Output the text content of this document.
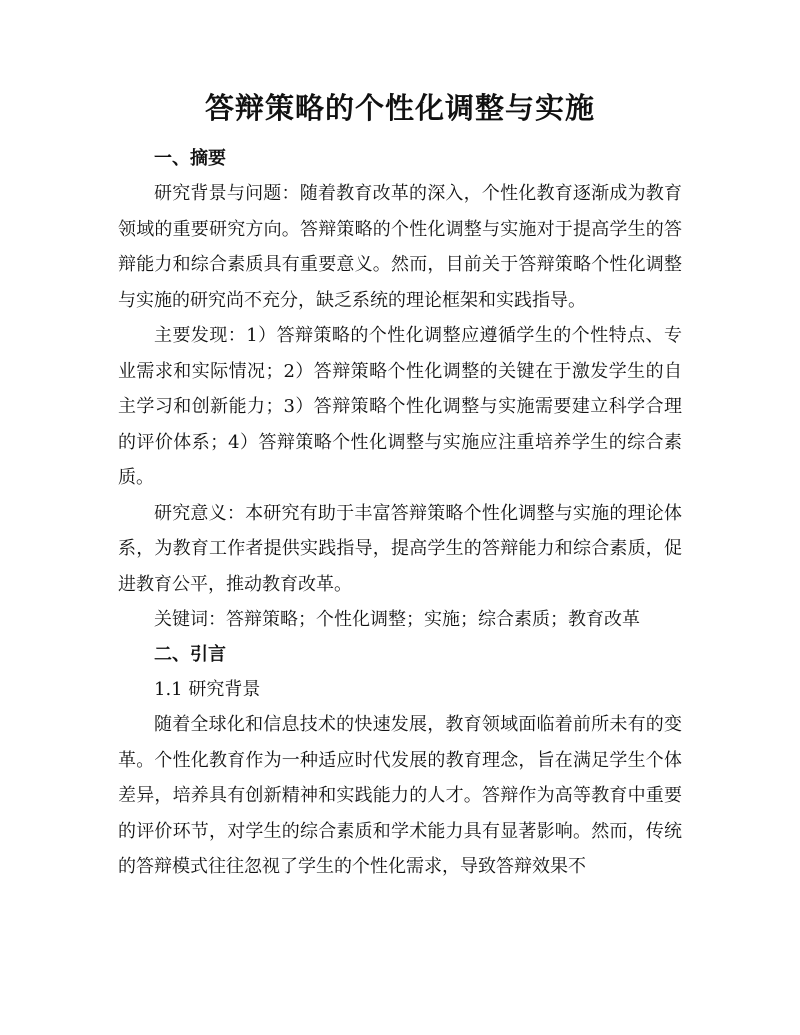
答辩策略的个性化调整与实施
一、摘要

研究背景与问题：随着教育改革的深入，个性化教育逐渐成为教育领域的重要研究方向。答辩策略的个性化调整与实施对于提高学生的答辩能力和综合素质具有重要意义。然而，目前关于答辩策略个性化调整与实施的研究尚不充分，缺乏系统的理论框架和实践指导。

主要发现：1）答辩策略的个性化调整应遵循学生的个性特点、专业需求和实际情况；2）答辩策略个性化调整的关键在于激发学生的自主学习和创新能力；3）答辩策略个性化调整与实施需要建立科学合理的评价体系；4）答辩策略个性化调整与实施应注重培养学生的综合素质。

研究意义：本研究有助于丰富答辩策略个性化调整与实施的理论体系，为教育工作者提供实践指导，提高学生的答辩能力和综合素质，促进教育公平，推动教育改革。

关键词：答辩策略；个性化调整；实施；综合素质；教育改革

二、引言

1.1 研究背景

随着全球化和信息技术的快速发展，教育领域面临着前所未有的变革。个性化教育作为一种适应时代发展的教育理念，旨在满足学生个体差异，培养具有创新精神和实践能力的人才。答辩作为高等教育中重要的评价环节，对学生的综合素质和学术能力具有显著影响。然而，传统的答辩模式往往忽视了学生的个性化需求，导致答辩效果不
